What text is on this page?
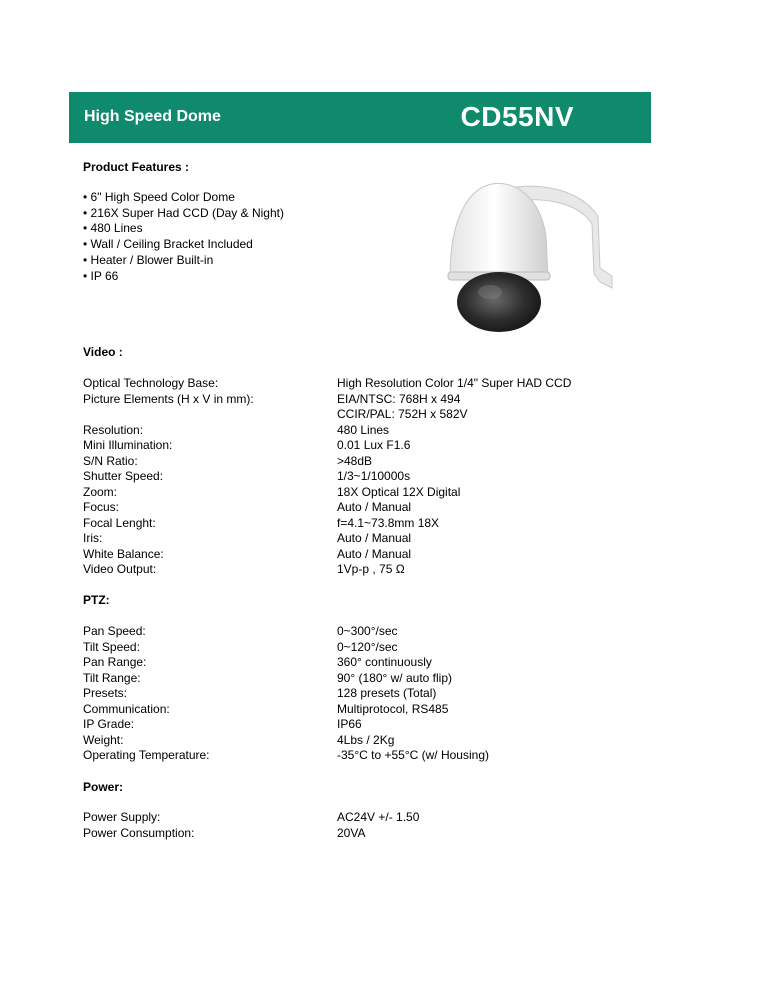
High Speed Dome	CD55NV
Product Features :
• 6" High Speed Color Dome
• 216X Super Had CCD (Day & Night)
• 480 Lines
• Wall / Ceiling Bracket Included
• Heater / Blower Built-in
• IP 66
Video :
Optical Technology Base:
Picture Elements (H x V in mm):
Resolution:
Mini Illumination:
S/N Ratio:
Shutter Speed:
Zoom:
Focus:
Focal Lenght:
Iris:
White Balance:
Video Output:
High Resolution Color 1/4" Super HAD CCD
EIA/NTSC: 768H x 494
CCIR/PAL: 752H x 582V
480 Lines
0.01 Lux F1.6
>48dB
1/3~1/10000s
18X Optical 12X Digital
Auto / Manual
f=4.1~73.8mm 18X
Auto / Manual
Auto / Manual
1Vp-p , 75 Ω
PTZ:
Pan Speed:
Tilt Speed:
Pan Range:
Tilt Range:
Presets:
Communication:
IP Grade:
Weight:
Operating Temperature:
0~300°/sec
0~120°/sec
360° continuously
90° (180° w/ auto flip)
128 presets (Total)
Multiprotocol, RS485
IP66
4Lbs / 2Kg
-35°C to +55°C (w/ Housing)
Power:
Power Supply:
Power Consumption:
AC24V +/- 1.50
20VA
